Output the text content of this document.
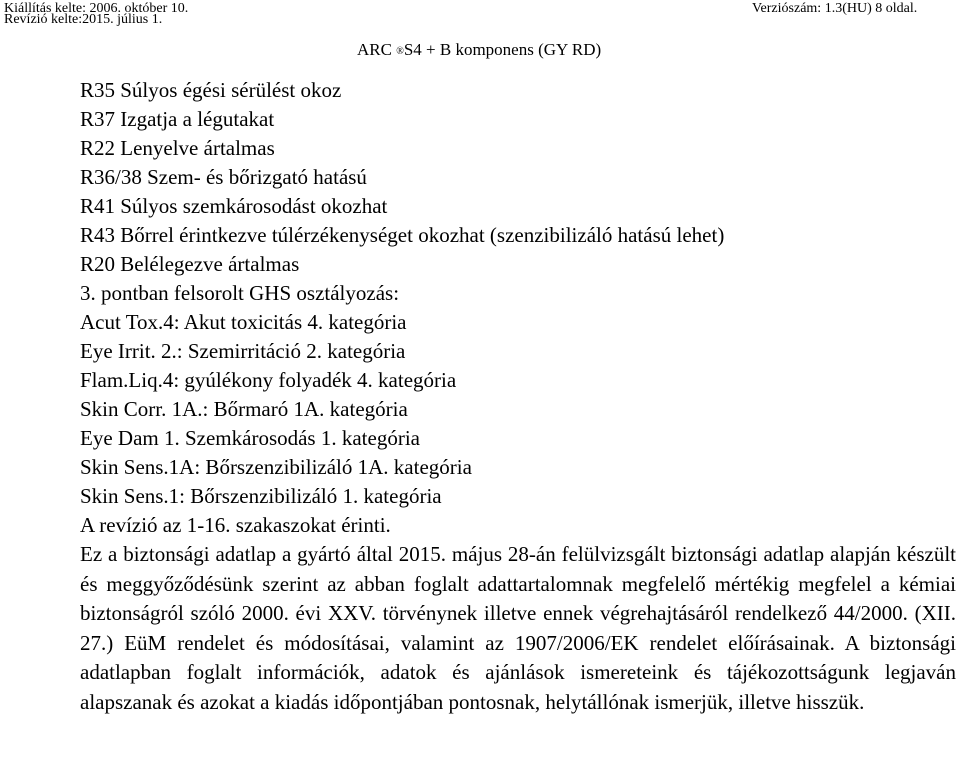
Kiállítás kelte: 2006. október 10.
Revízió kelte:2015. július 1.
Verziószám: 1.3(HU) 8 oldal.
ARC ®S4 + B komponens (GY RD)
R35 Súlyos égési sérülést okoz
R37 Izgatja a légutakat
R22 Lenyelve ártalmas
R36/38 Szem- és bőrizgató hatású
R41 Súlyos szemkárosodást okozhat
R43 Bőrrel érintkezve túlérzékenységet okozhat (szenzibilizáló hatású lehet)
R20 Belélegezve ártalmas
3. pontban felsorolt GHS osztályozás:
Acut Tox.4: Akut toxicitás 4. kategória
Eye Irrit. 2.: Szemirritáció 2. kategória
Flam.Liq.4: gyúlékony folyadék 4. kategória
Skin Corr. 1A.: Bőrmaró 1A. kategória
Eye Dam 1. Szemkárosodás 1. kategória
Skin Sens.1A: Bőrszenzibilizáló 1A. kategória
Skin Sens.1: Bőrszenzibilizáló 1. kategória
A revízió az 1-16. szakaszokat érinti.

Ez a biztonsági adatlap a gyártó által 2015. május 28-án felülvizsgált biztonsági adatlap alapján készült és meggyőződésünk szerint az abban foglalt adattartalomnak megfelelő mértékig megfelel a kémiai biztonságról szóló 2000. évi XXV. törvénynek illetve ennek végrehajtásáról rendelkező 44/2000. (XII. 27.) EüM rendelet és módosításai, valamint az 1907/2006/EK rendelet előírásainak. A biztonsági adatlapban foglalt információk, adatok és ajánlások ismereteink és tájékozottságunk legjaván alapszanak és azokat a kiadás időpontjában pontosnak, helytállónak ismerjük, illetve hisszük.
